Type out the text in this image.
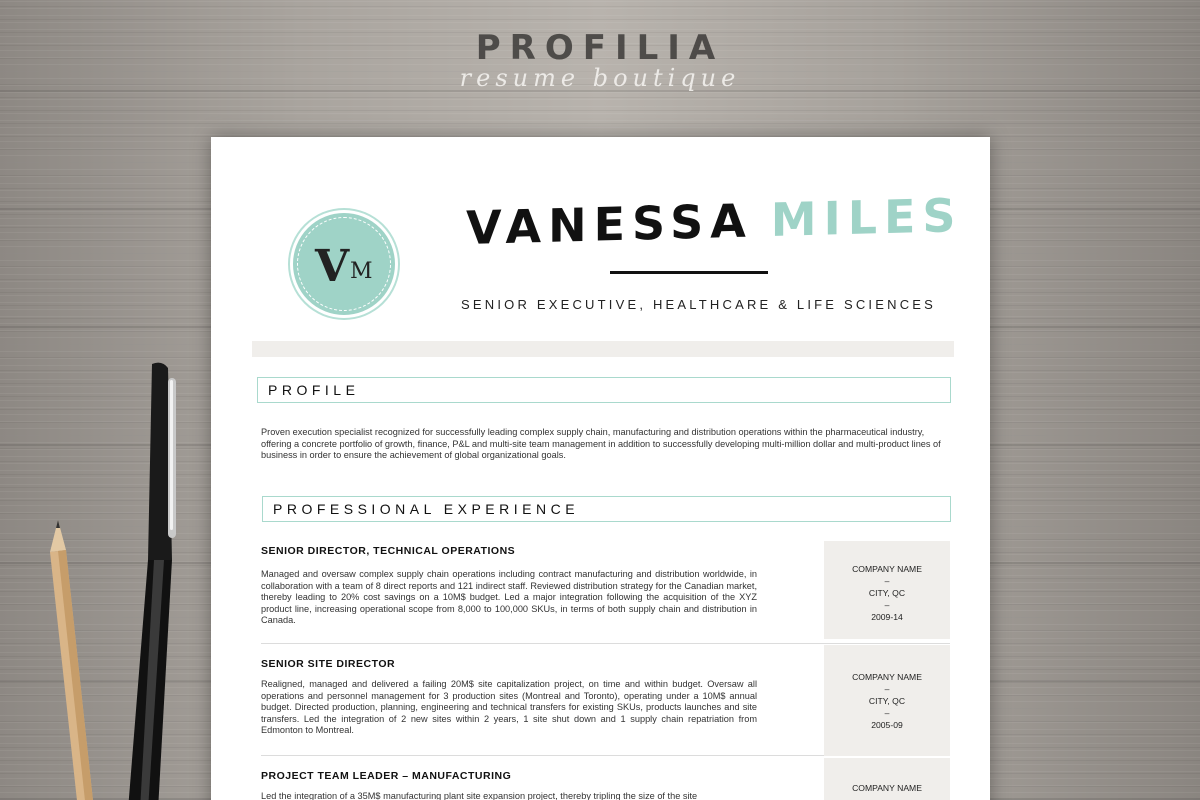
PROFILIA
resume boutique
V M
VANESSA MILES
SENIOR EXECUTIVE, HEALTHCARE & LIFE SCIENCES
PROFILE
Proven execution specialist recognized for successfully leading complex supply chain, manufacturing and distribution operations within the pharmaceutical industry, offering a concrete portfolio of growth, finance, P&L and multi-site team management in addition to successfully developing multi-million dollar and multi-product lines of business in order to ensure the achievement of global organizational goals.
PROFESSIONAL EXPERIENCE
SENIOR DIRECTOR, TECHNICAL OPERATIONS
Managed and oversaw complex supply chain operations including contract manufacturing and distribution worldwide, in collaboration with a team of 8 direct reports and 121 indirect staff. Reviewed distribution strategy for the Canadian market, thereby leading to 20% cost savings on a 10M$ budget. Led a major integration following the acquisition of the XYZ product line, increasing operational scope from 8,000 to 100,000 SKUs, in terms of both supply chain and distribution in Canada.
COMPANY NAME
–
CITY, QC
–
2009-14
SENIOR SITE DIRECTOR
Realigned, managed and delivered a failing 20M$ site capitalization project, on time and within budget. Oversaw all operations and personnel management for 3 production sites (Montreal and Toronto), operating under a 10M$ annual budget. Directed production, planning, engineering and technical transfers for existing SKUs, products launches and site transfers. Led the integration of 2 new sites within 2 years, 1 site shut down and 1 supply chain repatriation from Edmonton to Montreal.
COMPANY NAME
–
CITY, QC
–
2005-09
PROJECT TEAM LEADER – MANUFACTURING
Led the integration of a 35M$ manufacturing plant site expansion project, thereby tripling the size of the site
COMPANY NAME
